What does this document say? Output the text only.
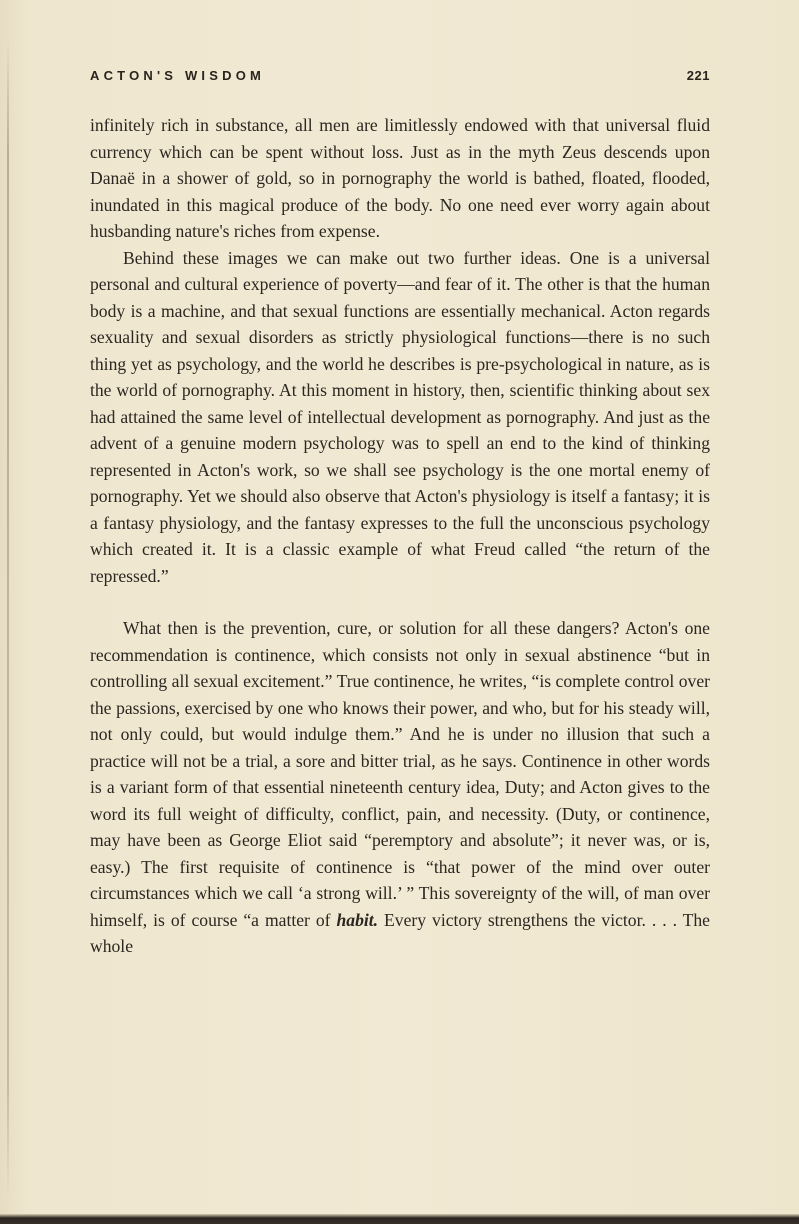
ACTON'S WISDOM	221

infinitely rich in substance, all men are limitlessly endowed with that universal fluid currency which can be spent without loss. Just as in the myth Zeus descends upon Danaë in a shower of gold, so in pornography the world is bathed, floated, flooded, inundated in this magical produce of the body. No one need ever worry again about husbanding nature's riches from expense.

Behind these images we can make out two further ideas. One is a universal personal and cultural experience of poverty—and fear of it. The other is that the human body is a machine, and that sexual functions are essentially mechanical. Acton regards sexuality and sexual disorders as strictly physiological functions—there is no such thing yet as psychology, and the world he describes is pre-psychological in nature, as is the world of pornography. At this moment in history, then, scientific thinking about sex had attained the same level of intellectual development as pornography. And just as the advent of a genuine modern psychology was to spell an end to the kind of thinking represented in Acton's work, so we shall see psychology is the one mortal enemy of pornography. Yet we should also observe that Acton's physiology is itself a fantasy; it is a fantasy physiology, and the fantasy expresses to the full the unconscious psychology which created it. It is a classic example of what Freud called “the return of the repressed.”

What then is the prevention, cure, or solution for all these dangers? Acton's one recommendation is continence, which consists not only in sexual abstinence “but in controlling all sexual excitement.” True continence, he writes, “is complete control over the passions, exercised by one who knows their power, and who, but for his steady will, not only could, but would indulge them.” And he is under no illusion that such a practice will not be a trial, a sore and bitter trial, as he says. Continence in other words is a variant form of that essential nineteenth century idea, Duty; and Acton gives to the word its full weight of difficulty, conflict, pain, and necessity. (Duty, or continence, may have been as George Eliot said “peremptory and absolute”; it never was, or is, easy.) The first requisite of continence is “that power of the mind over outer circumstances which we call ‘a strong will.’ ” This sovereignty of the will, of man over himself, is of course “a matter of habit. Every victory strengthens the victor. . . . The whole
